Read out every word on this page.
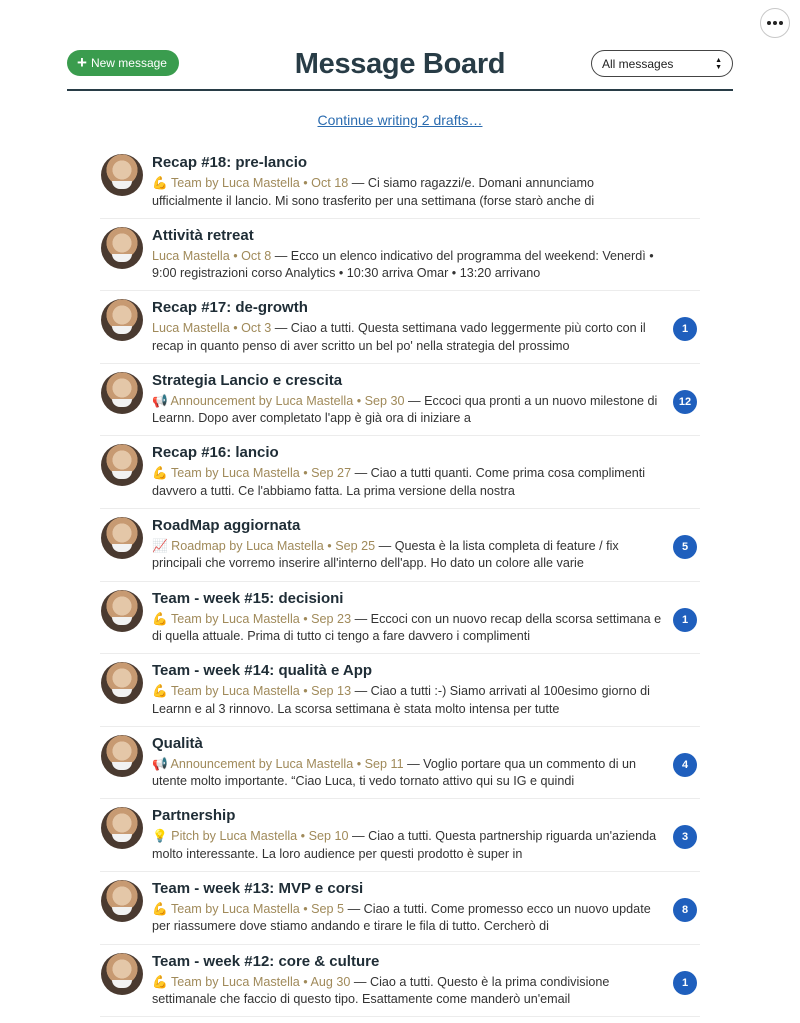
Message Board
+ New message	All messages	▲
▼
Continue writing 2 drafts…
Recap #18: pre-lancio
💪 Team by Luca Mastella • Oct 18 — Ci siamo ragazzi/e. Domani annunciamo ufficialmente il lancio. Mi sono trasferito per una settimana (forse starò anche di
Attività retreat
Luca Mastella • Oct 8 — Ecco un elenco indicativo del programma del weekend: Venerdì • 9:00 registrazioni corso Analytics • 10:30 arriva Omar • 13:20 arrivano
Recap #17: de-growth
Luca Mastella • Oct 3 — Ciao a tutti. Questa settimana vado leggermente più corto con il recap in quanto penso di aver scritto un bel po' nella strategia del prossimo
1
Strategia Lancio e crescita
📢 Announcement by Luca Mastella • Sep 30 — Eccoci qua pronti a un nuovo milestone di Learnn. Dopo aver completato l'app è già ora di iniziare a
12
Recap #16: lancio
💪 Team by Luca Mastella • Sep 27 — Ciao a tutti quanti. Come prima cosa complimenti davvero a tutti. Ce l'abbiamo fatta. La prima versione della nostra
RoadMap aggiornata
📈 Roadmap by Luca Mastella • Sep 25 — Questa è la lista completa di feature / fix principali che vorremo inserire all'interno dell'app. Ho dato un colore alle varie
5
Team - week #15: decisioni
💪 Team by Luca Mastella • Sep 23 — Eccoci con un nuovo recap della scorsa settimana e di quella attuale. Prima di tutto ci tengo a fare davvero i complimenti
1
Team - week #14: qualità e App
💪 Team by Luca Mastella • Sep 13 — Ciao a tutti :-) Siamo arrivati al 100esimo giorno di Learnn e al 3 rinnovo. La scorsa settimana è stata molto intensa per tutte
Qualità
📢 Announcement by Luca Mastella • Sep 11 — Voglio portare qua un commento di un utente molto importante. “Ciao Luca, ti vedo tornato attivo qui su IG e quindi
4
Partnership
💡 Pitch by Luca Mastella • Sep 10 — Ciao a tutti. Questa partnership riguarda un'azienda molto interessante. La loro audience per questi prodotto è super in
3
Team - week #13: MVP e corsi
💪 Team by Luca Mastella • Sep 5 — Ciao a tutti. Come promesso ecco un nuovo update per riassumere dove stiamo andando e tirare le fila di tutto. Cercherò di
8
Team - week #12: core & culture
💪 Team by Luca Mastella • Aug 30 — Ciao a tutti. Questo è la prima condivisione settimanale che faccio di questo tipo. Esattamente come manderò un'email
1
